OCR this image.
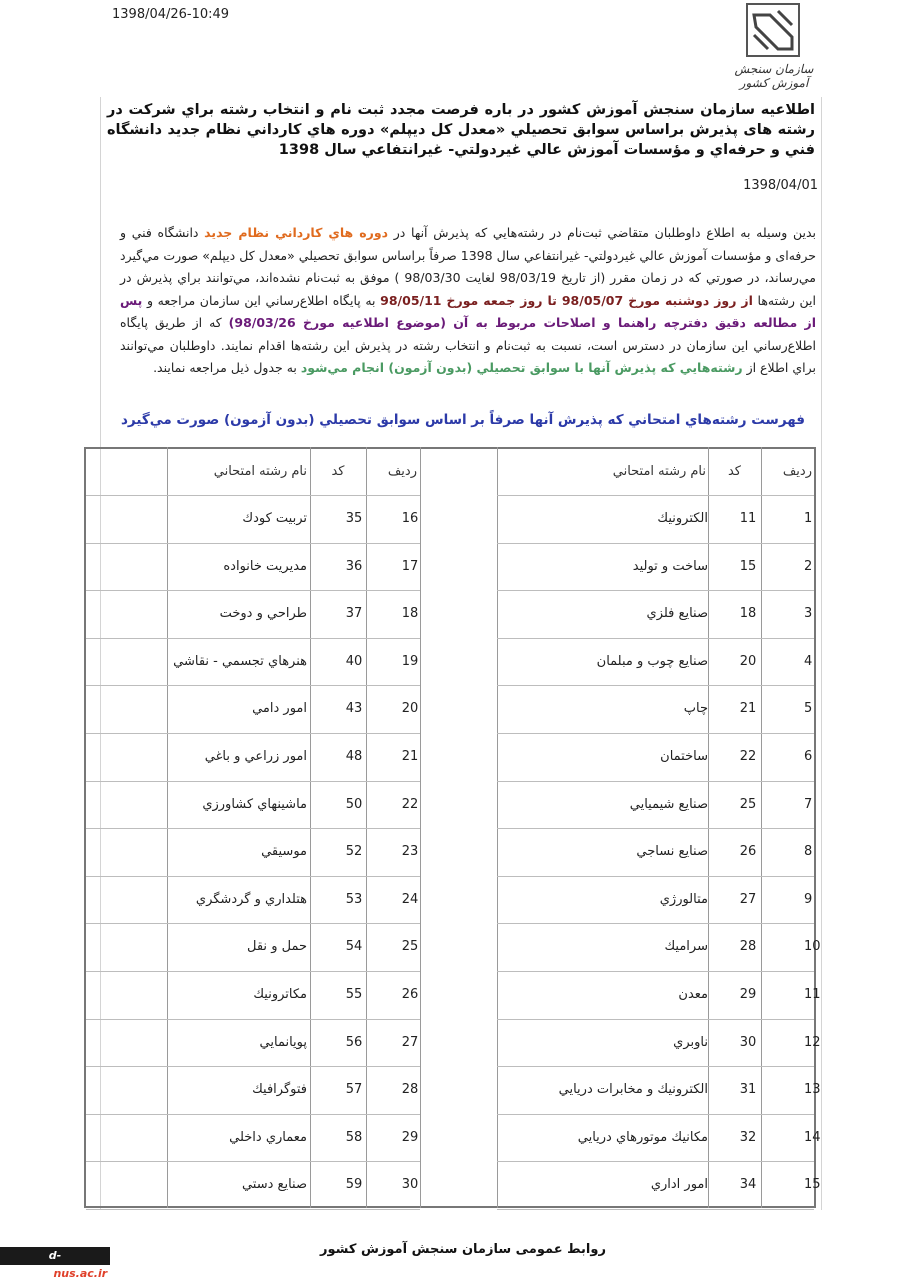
1398/04/26-10:49
سازمان سنجش آموزش کشور
اطلاعيه سازمان سنجش آموزش كشور در باره فرصت مجدد ثبت نام و انتخاب رشته براي شركت در رشته های پذیرش براساس سوابق تحصیلي «معدل كل ديپلم» دوره هاي كارداني نظام جديد دانشگاه فني و حرفه‌اي و مؤسسات آموزش عالي غيردولتي- غيرانتفاعي سال 1398
1398/04/01
بدین وسیله به اطلاع داوطلبان متقاضي ثبت‌نام در رشته‌هایي که پذیرش آنها در دوره هاي كارداني نظام جديد دانشگاه فني و حرفه‌ای و مؤسسات آموزش عالي غيردولتي- غيرانتفاعي سال 1398 صرفاً براساس سوابق تحصیلي «معدل كل ديپلم» صورت مي‌گيرد مي‌رساند، در صورتي كه در زمان مقرر (از تاريخ 98/03/19 لغايت 98/03/30 ) موفق به ثبت‌نام نشده‌اند، مي‌توانند براي پذيرش در اين رشته‌ها از روز دوشنبه مورخ 98/05/07 تا روز جمعه مورخ 98/05/11 به پایگاه اطلاع‌رساني اين سازمان مراجعه و پس از مطالعه دقیق دفترچه راهنما و اصلاحات مربوط به آن (موضوع اطلاعیه مورخ 98/03/26) كه از طریق پایگاه اطلاع‌رساني اين سازمان در دسترس است، نسبت به ثبت‌نام و انتخاب رشته در پذيرش اين رشته‌ها اقدام نمايند. داوطلبان مي‌توانند براي اطلاع از رشته‌هايي كه پذيرش آنها با سوابق تحصيلي (بدون آزمون) انجام مي‌شود به جدول ذيل مراجعه نمايند.
فهرست رشته‌هاي امتحاني که پذیرش آنها صرفاً بر اساس سوابق تحصیلي (بدون آزمون) صورت مي‌گيرد
رديف
کد
نام رشته امتحاني
رديف
کد
نام رشته امتحاني
1
11
الكترونيك
16
35
تربيت كودك
2
15
ساخت و توليد
17
36
مديريت خانواده
3
18
صنايع فلزي
18
37
طراحي و دوخت
4
20
صنايع چوب و مبلمان
19
40
هنرهاي تجسمي - نقاشي
5
21
چاپ
20
43
امور دامي
6
22
ساختمان
21
48
امور زراعي و باغي
7
25
صنايع شيميايي
22
50
ماشينهاي كشاورزي
8
26
صنايع نساجي
23
52
موسيقي
9
27
متالورژي
24
53
هتلداري و گردشگري
10
28
سراميك
25
54
حمل و نقل
11
29
معدن
26
55
مكاترونيك
12
30
ناوبري
27
56
پويانمايي
13
31
الكترونيك و مخابرات دريايي
28
57
فتوگرافيك
14
32
مكانيك موتورهاي دريايي
29
58
معماري داخلي
15
34
امور اداري
30
59
صنايع دستي
روابط عمومی سازمان سنجش آموزش کشور
d-gonbad.nus.ac.ir
